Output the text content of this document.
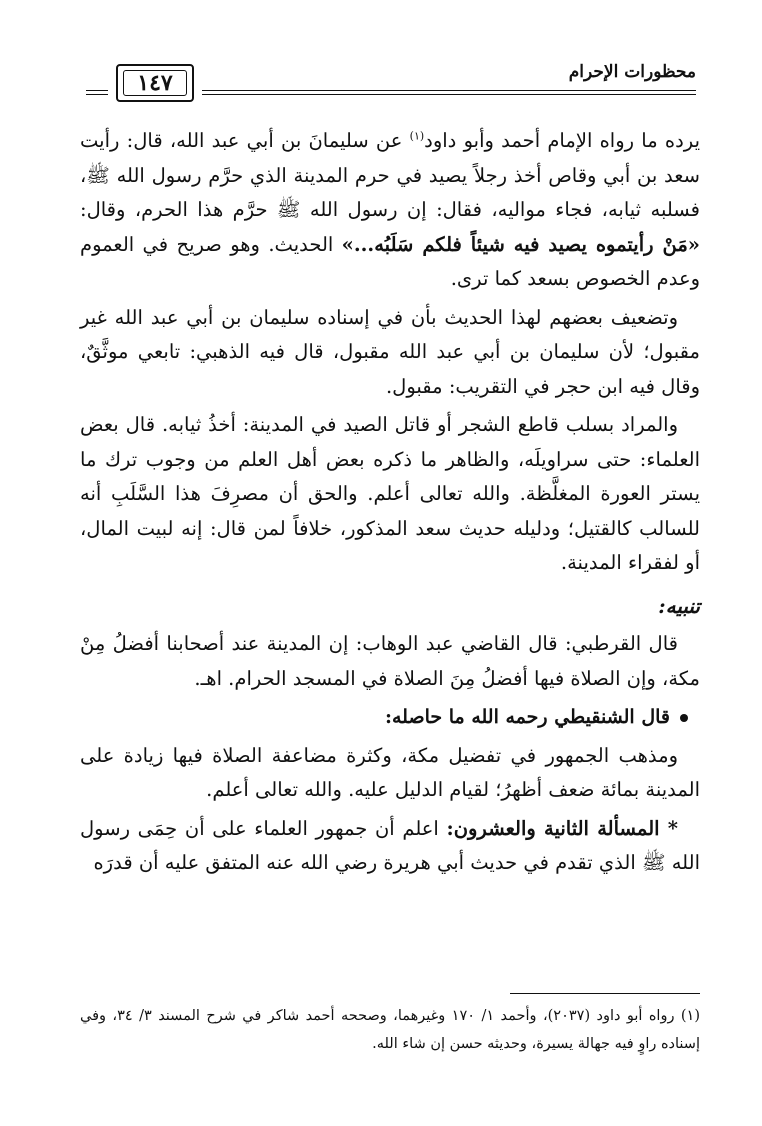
محظورات الإحرام
١٤٧

يرده ما رواه الإمام أحمد وأبو داود$^{(١)}$ عن سليمانَ بن أبي عبد الله، قال: رأيت سعد بن أبي وقاص أخذ رجلاً يصيد في حرم المدينة الذي حرَّم رسول الله ﷺ، فسلبه ثيابه، فجاء مواليه، فقال: إن رسول الله ﷺ حرَّم هذا الحرم، وقال: «مَنْ رأيتموه يصيد فيه شيئاً فلكم سَلَبُه...» الحديث. وهو صريح في العموم وعدم الخصوص بسعد كما ترى.

وتضعيف بعضهم لهذا الحديث بأن في إسناده سليمان بن أبي عبد الله غير مقبول؛ لأن سليمان بن أبي عبد الله مقبول، قال فيه الذهبي: تابعي موثَّقٌ، وقال فيه ابن حجر في التقريب: مقبول.

والمراد بسلب قاطع الشجر أو قاتل الصيد في المدينة: أخذُ ثيابه. قال بعض العلماء: حتى سراويلَه، والظاهر ما ذكره بعض أهل العلم من وجوب ترك ما يستر العورة المغلَّظة. والله تعالى أعلم. والحق أن مصرِفَ هذا السَّلَبِ أنه للسالب كالقتيل؛ ودليله حديث سعد المذكور، خلافاً لمن قال: إنه لبيت المال، أو لفقراء المدينة.

تنبيه:

قال القرطبي: قال القاضي عبد الوهاب: إن المدينة عند أصحابنا أفضلُ مِنْ مكة، وإن الصلاة فيها أفضلُ مِنَ الصلاة في المسجد الحرام. اهـ.

قال الشنقيطي رحمه الله ما حاصله:

ومذهب الجمهور في تفضيل مكة، وكثرة مضاعفة الصلاة فيها زيادة على المدينة بمائة ضعف أظهرُ؛ لقيام الدليل عليه. والله تعالى أعلم.

* المسألة الثانية والعشرون: اعلم أن جمهور العلماء على أن حِمَى رسول الله ﷺ الذي تقدم في حديث أبي هريرة رضي الله عنه المتفق عليه أن قدرَه

(١) رواه أبو داود (٢٠٣٧)، وأحمد ١/ ١٧٠ وغيرهما، وصححه أحمد شاكر في شرح المسند ٣/ ٣٤، وفي إسناده راوٍ فيه جهالة يسيرة، وحديثه حسن إن شاء الله.
